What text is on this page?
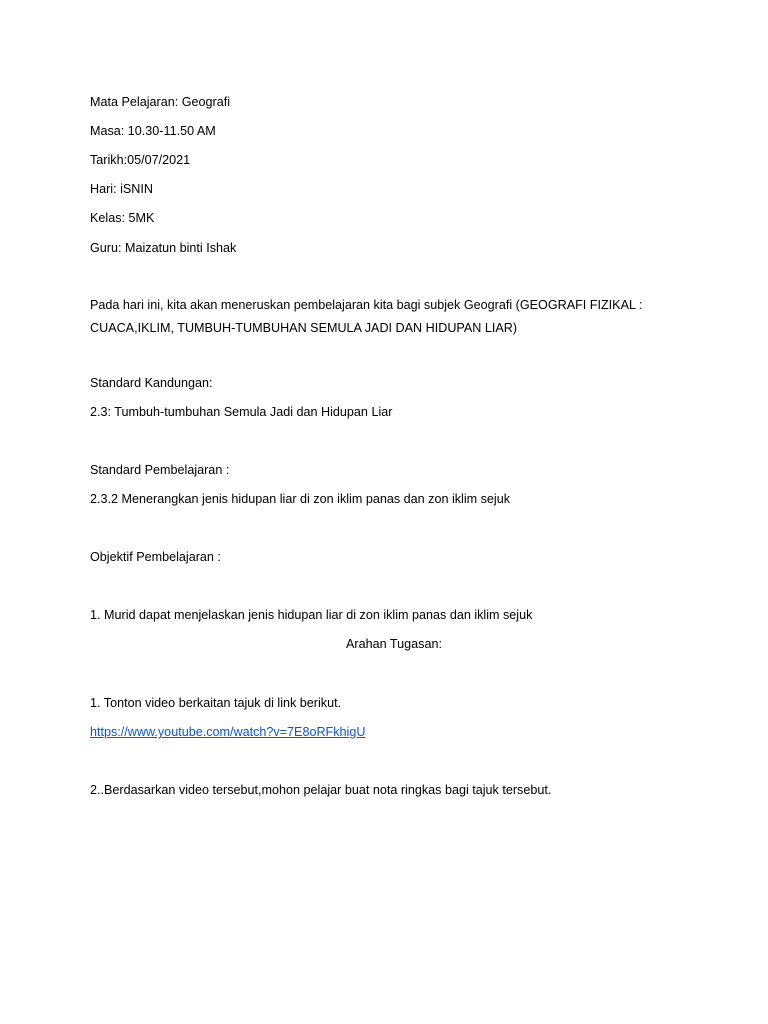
Mata Pelajaran: Geografi
Masa: 10.30-11.50 AM
Tarikh:05/07/2021
Hari: iSNIN
Kelas: 5MK
Guru: Maizatun binti Ishak
Pada hari ini, kita akan meneruskan pembelajaran kita bagi subjek Geografi (GEOGRAFI FIZIKAL : CUACA,IKLIM, TUMBUH-TUMBUHAN SEMULA JADI DAN HIDUPAN LIAR)
Standard Kandungan:
2.3: Tumbuh-tumbuhan Semula Jadi dan Hidupan Liar
Standard Pembelajaran :
2.3.2 Menerangkan jenis hidupan liar di zon iklim panas dan zon iklim sejuk
Objektif Pembelajaran :
1. Murid dapat menjelaskan jenis hidupan liar di zon iklim panas dan iklim sejuk
Arahan Tugasan:
1. Tonton video berkaitan tajuk di link berikut.
https://www.youtube.com/watch?v=7E8oRFkhigU
2..Berdasarkan video tersebut,mohon pelajar buat nota ringkas bagi tajuk tersebut.
